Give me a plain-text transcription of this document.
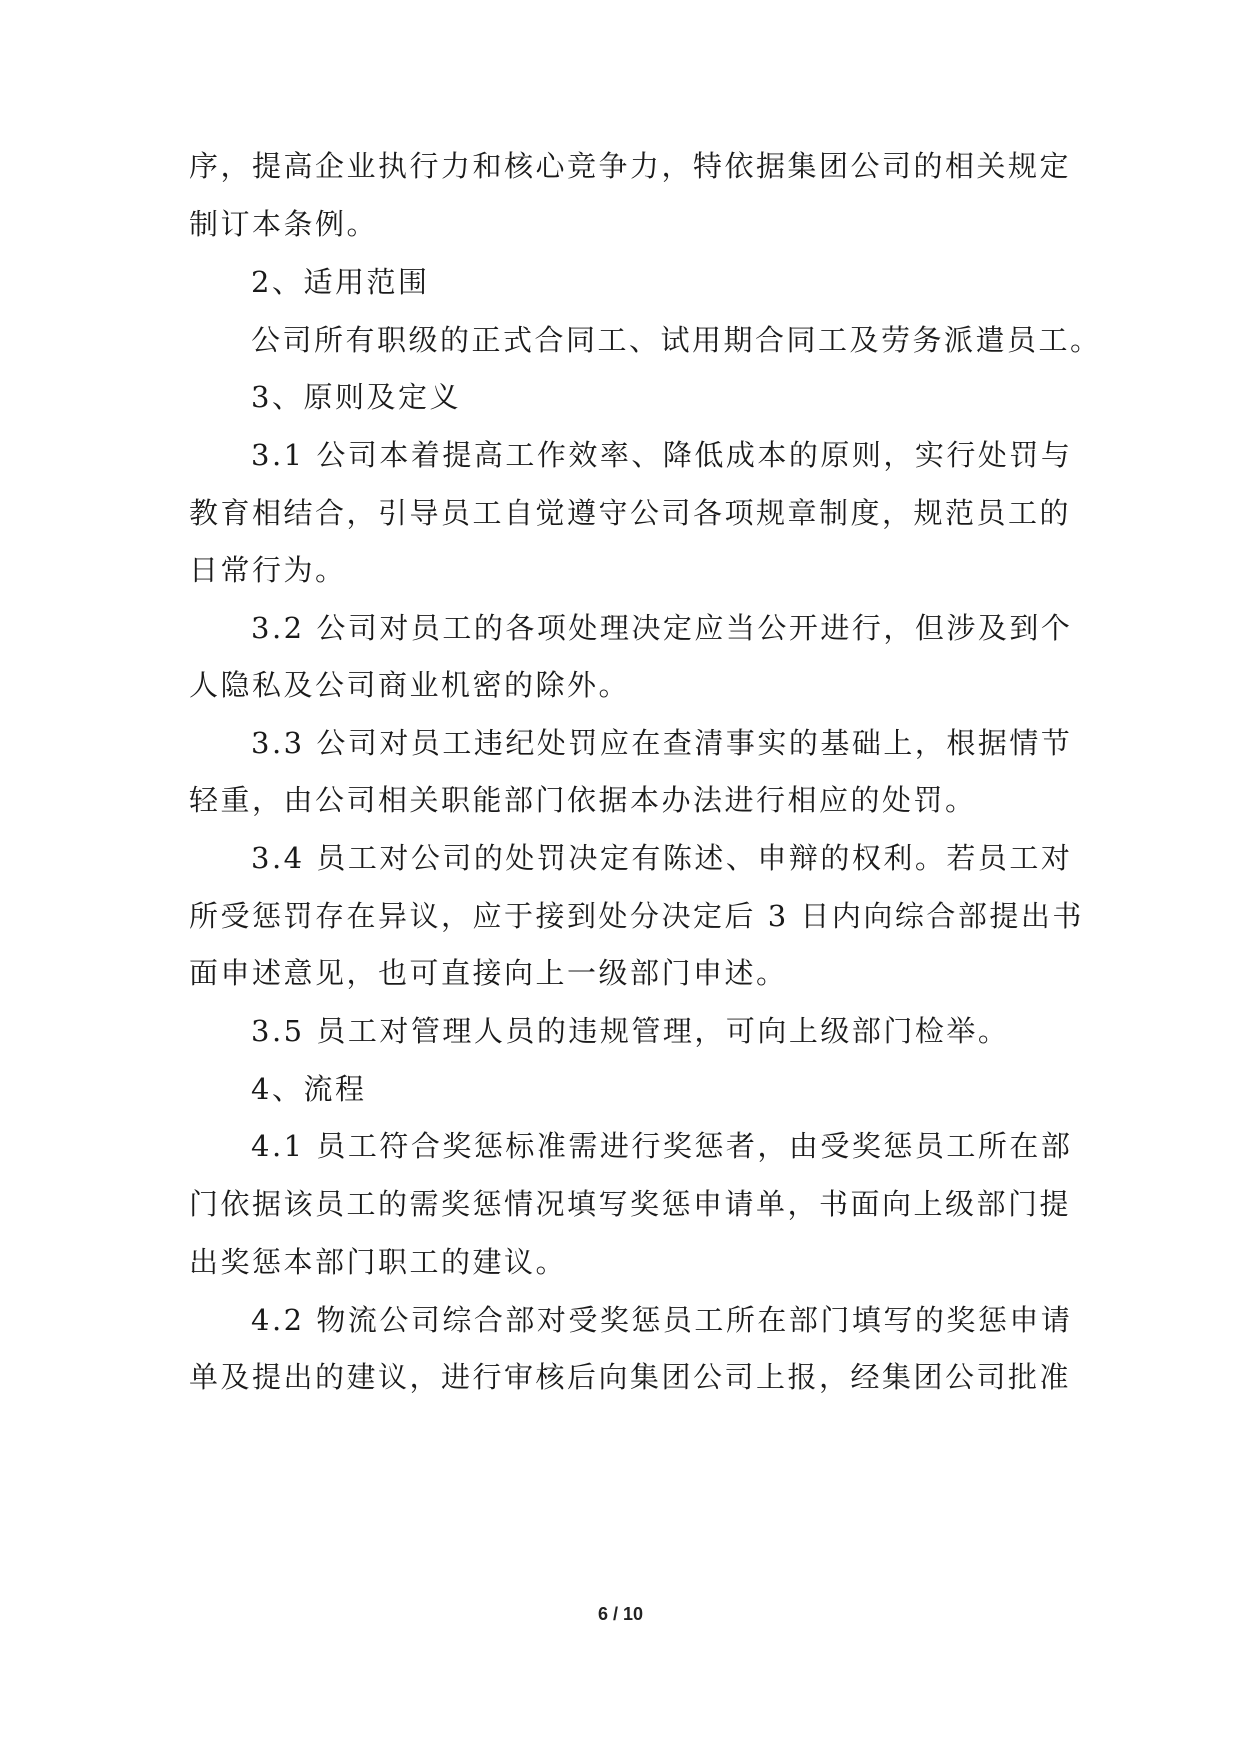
序，提高企业执行力和核心竞争力，特依据集团公司的相关规定
制订本条例。
2、适用范围
公司所有职级的正式合同工、试用期合同工及劳务派遣员工。
3、原则及定义
3.1 公司本着提高工作效率、降低成本的原则，实行处罚与
教育相结合，引导员工自觉遵守公司各项规章制度，规范员工的
日常行为。
3.2 公司对员工的各项处理决定应当公开进行，但涉及到个
人隐私及公司商业机密的除外。
3.3 公司对员工违纪处罚应在查清事实的基础上，根据情节
轻重，由公司相关职能部门依据本办法进行相应的处罚。
3.4 员工对公司的处罚决定有陈述、申辩的权利。若员工对
所受惩罚存在异议，应于接到处分决定后 3 日内向综合部提出书
面申述意见，也可直接向上一级部门申述。
3.5 员工对管理人员的违规管理，可向上级部门检举。
4、流程
4.1 员工符合奖惩标准需进行奖惩者，由受奖惩员工所在部
门依据该员工的需奖惩情况填写奖惩申请单，书面向上级部门提
出奖惩本部门职工的建议。
4.2 物流公司综合部对受奖惩员工所在部门填写的奖惩申请
单及提出的建议，进行审核后向集团公司上报，经集团公司批准
6 / 10
